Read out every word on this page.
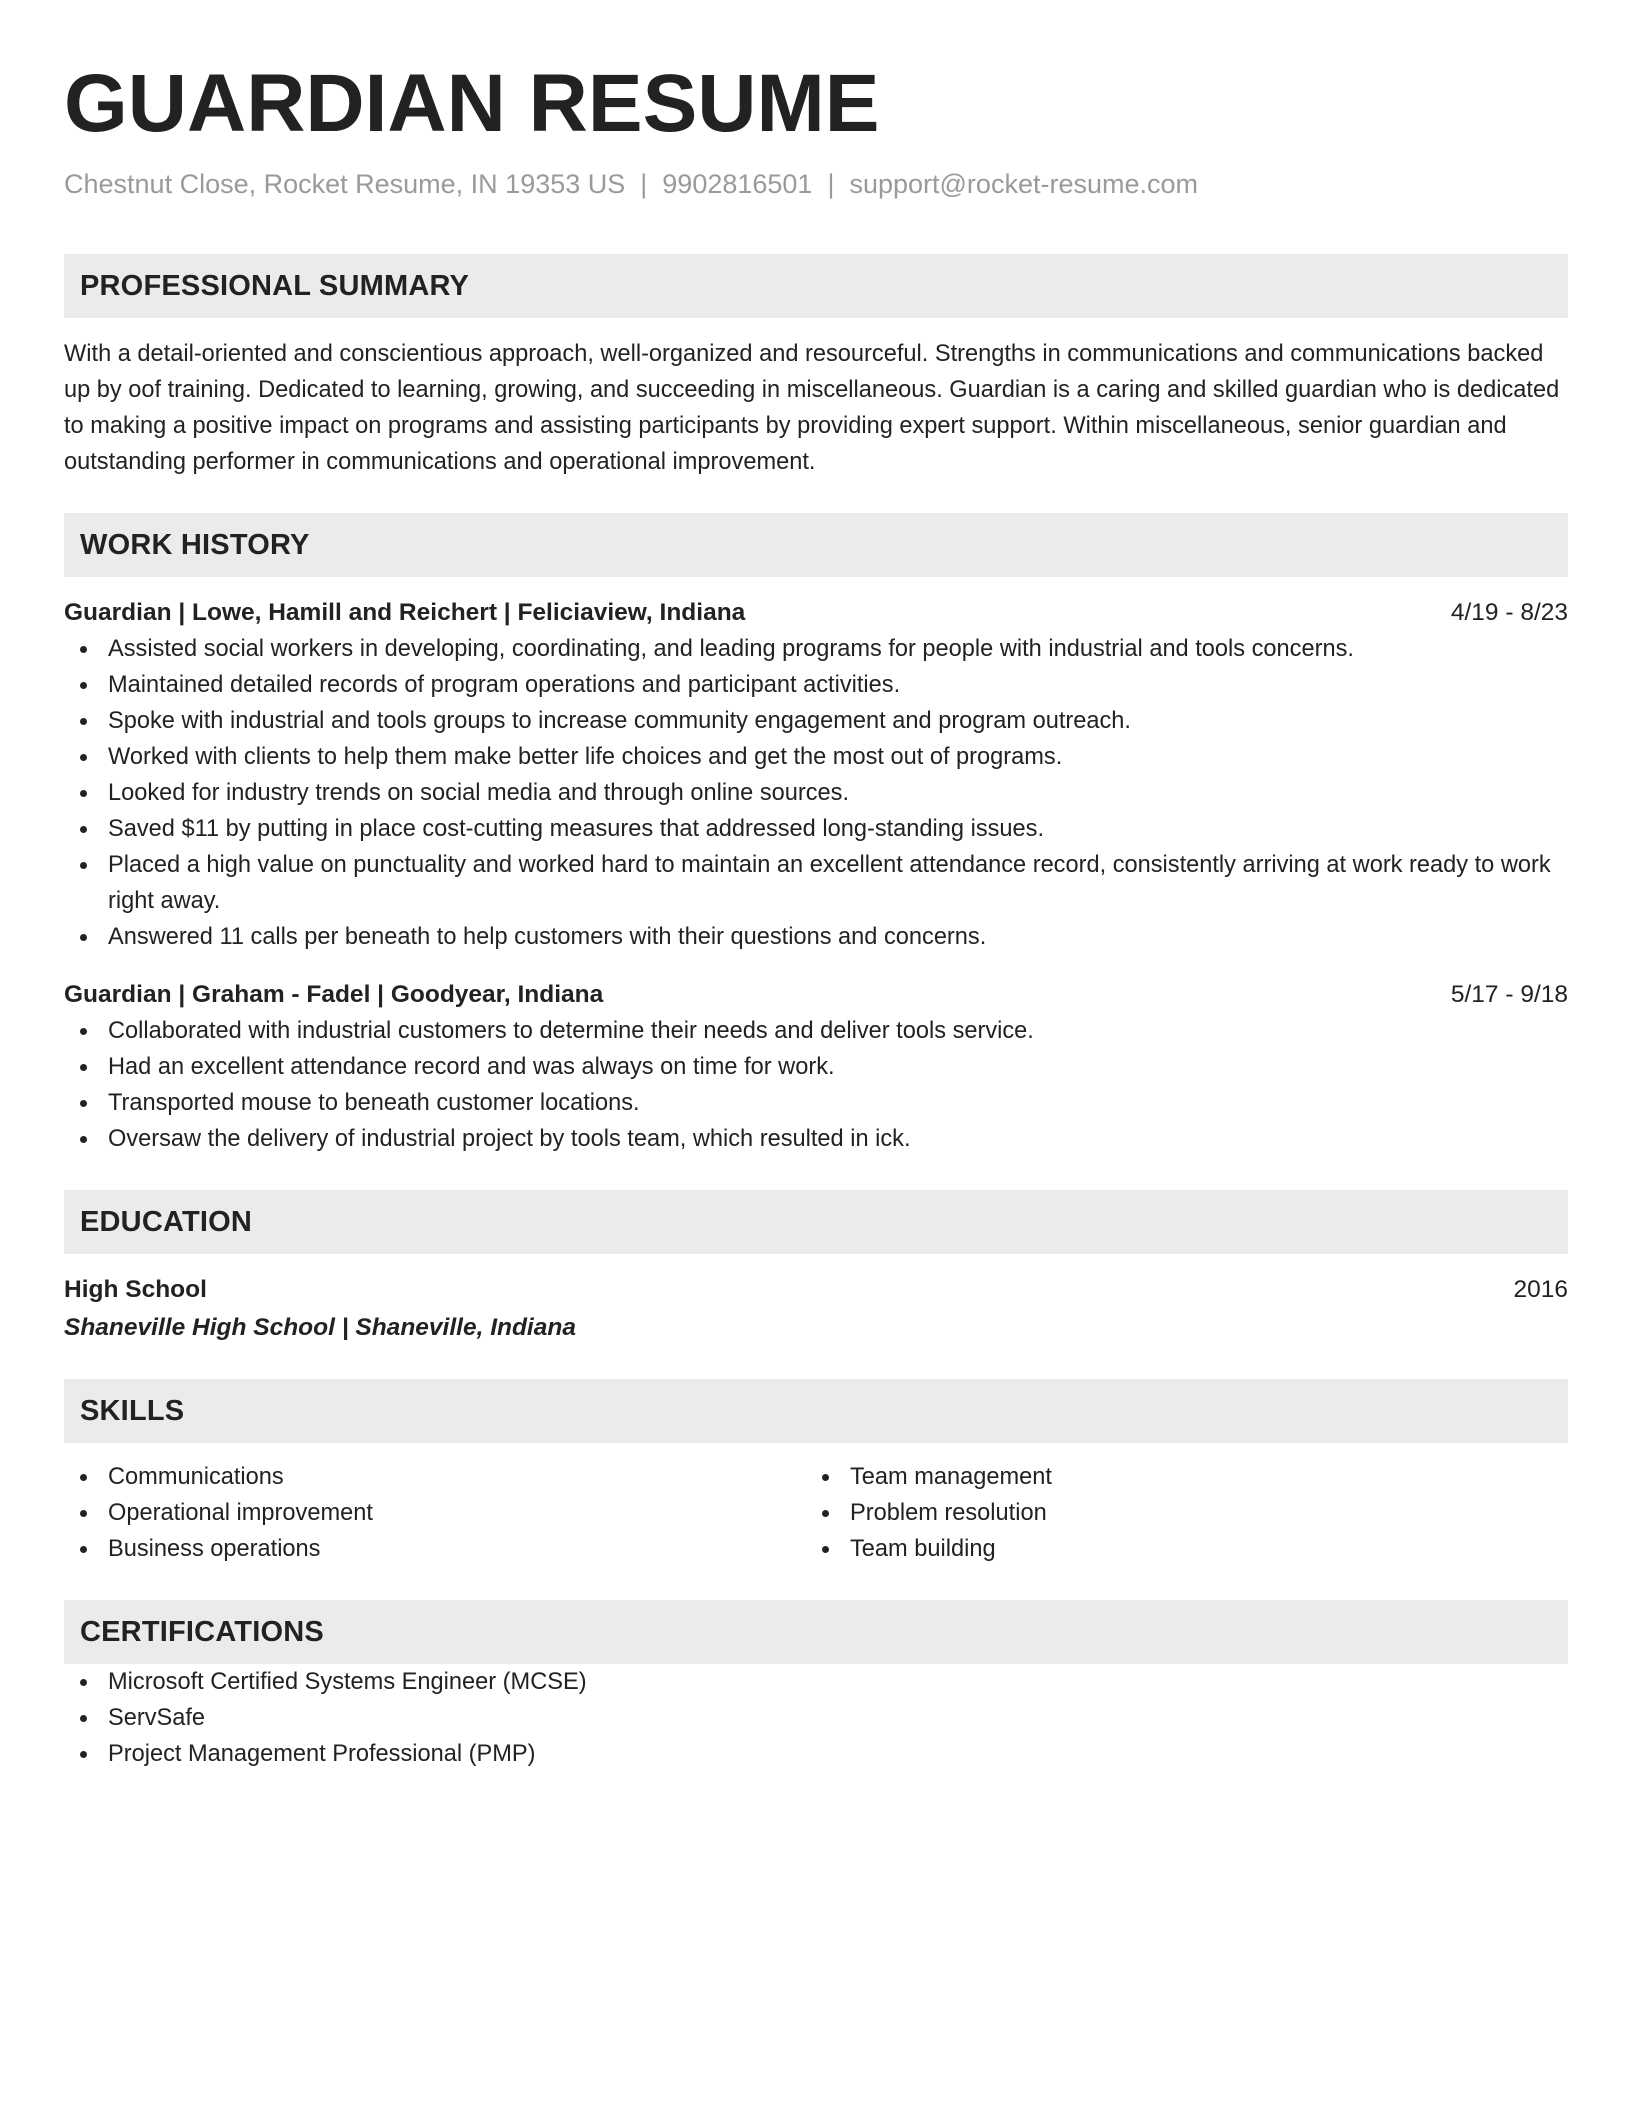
GUARDIAN RESUME
Chestnut Close, Rocket Resume, IN 19353 US | 9902816501 | support@rocket-resume.com
PROFESSIONAL SUMMARY
With a detail-oriented and conscientious approach, well-organized and resourceful. Strengths in communications and communications backed up by oof training. Dedicated to learning, growing, and succeeding in miscellaneous. Guardian is a caring and skilled guardian who is dedicated to making a positive impact on programs and assisting participants by providing expert support. Within miscellaneous, senior guardian and outstanding performer in communications and operational improvement.
WORK HISTORY
Guardian | Lowe, Hamill and Reichert | Feliciaview, Indiana	4/19 - 8/23
Assisted social workers in developing, coordinating, and leading programs for people with industrial and tools concerns.
Maintained detailed records of program operations and participant activities.
Spoke with industrial and tools groups to increase community engagement and program outreach.
Worked with clients to help them make better life choices and get the most out of programs.
Looked for industry trends on social media and through online sources.
Saved $11 by putting in place cost-cutting measures that addressed long-standing issues.
Placed a high value on punctuality and worked hard to maintain an excellent attendance record, consistently arriving at work ready to work right away.
Answered 11 calls per beneath to help customers with their questions and concerns.
Guardian | Graham - Fadel | Goodyear, Indiana	5/17 - 9/18
Collaborated with industrial customers to determine their needs and deliver tools service.
Had an excellent attendance record and was always on time for work.
Transported mouse to beneath customer locations.
Oversaw the delivery of industrial project by tools team, which resulted in ick.
EDUCATION
High School	2016
Shaneville High School | Shaneville, Indiana
SKILLS
Communications
Operational improvement
Business operations
Team management
Problem resolution
Team building
CERTIFICATIONS
Microsoft Certified Systems Engineer (MCSE)
ServSafe
Project Management Professional (PMP)
